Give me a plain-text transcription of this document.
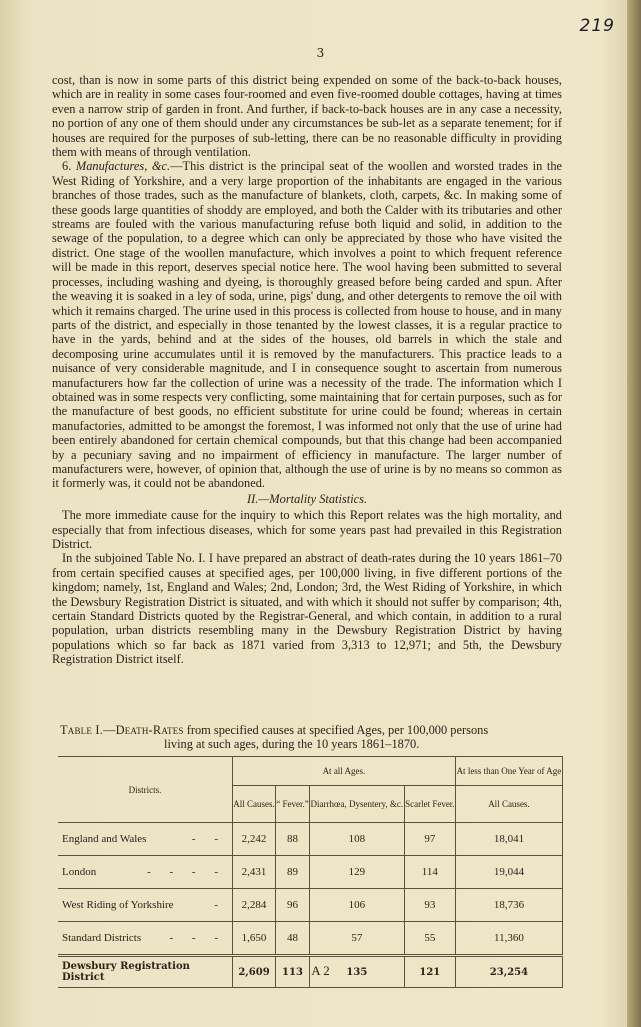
219
3

cost, than is now in some parts of this district being expended on some of the back-to-back houses, which are in reality in some cases four-roomed and even five-roomed double cottages, having at times even a narrow strip of garden in front. And further, if back-to-back houses are in any case a necessity, no portion of any one of them should under any circumstances be sub-let as a separate tenement; for if houses are required for the purposes of sub-letting, there can be no reasonable difficulty in providing them with means of through ventilation.

6. Manufactures, &c.—This district is the principal seat of the woollen and worsted trades in the West Riding of Yorkshire, and a very large proportion of the inhabitants are engaged in the various branches of those trades, such as the manufacture of blankets, cloth, carpets, &c. In making some of these goods large quantities of shoddy are employed, and both the Calder with its tributaries and other streams are fouled with the various manufacturing refuse both liquid and solid, in addition to the sewage of the population, to a degree which can only be appreciated by those who have visited the district. One stage of the woollen manufacture, which involves a point to which frequent reference will be made in this report, deserves special notice here. The wool having been submitted to several processes, including washing and dyeing, is thoroughly greased before being carded and spun. After the weaving it is soaked in a ley of soda, urine, pigs' dung, and other detergents to remove the oil with which it remains charged. The urine used in this process is collected from house to house, and in many parts of the district, and especially in those tenanted by the lowest classes, it is a regular practice to have in the yards, behind and at the sides of the houses, old barrels in which the stale and decomposing urine accumulates until it is removed by the manufacturers. This practice leads to a nuisance of very considerable magnitude, and I in consequence sought to ascertain from numerous manufacturers how far the collection of urine was a necessity of the trade. The information which I obtained was in some respects very conflicting, some maintaining that for certain purposes, such as for the manufacture of best goods, no efficient substitute for urine could be found; whereas in certain manufactories, admitted to be amongst the foremost, I was informed not only that the use of urine had been entirely abandoned for certain chemical compounds, but that this change had been accompanied by a pecuniary saving and no impairment of efficiency in manufacture. The larger number of manufacturers were, however, of opinion that, although the use of urine is by no means so common as it formerly was, it could not be abandoned.

II.—Mortality Statistics.

The more immediate cause for the inquiry to which this Report relates was the high mortality, and especially that from infectious diseases, which for some years past had prevailed in this Registration District.

In the subjoined Table No. I. I have prepared an abstract of death-rates during the 10 years 1861–70 from certain specified causes at specified ages, per 100,000 living, in five different portions of the kingdom; namely, 1st, England and Wales; 2nd, London; 3rd, the West Riding of Yorkshire, in which the Dewsbury Registration District is situated, and with which it should not suffer by comparison; 4th, certain Standard Districts quoted by the Registrar-General, and which contain, in addition to a rural population, urban districts resembling many in the Dewsbury Registration District by having populations which so far back as 1871 varied from 3,313 to 12,971; and 5th, the Dewsbury Registration District itself.

Table I.—Death-Rates from specified causes at specified Ages, per 100,000 persons
living at such ages, during the 10 years 1861–1870.
Districts.	At all Ages.				At less than One Year of Age
	All Causes.	“ Fever.”	Diarrhœa, Dysentery, &c.	Scarlet Fever.	All Causes.
England and Wales - -	2,242	88	108	97	18,041
London - - - -	2,431	89	129	114	19,044
West Riding of Yorkshire -	2,284	96	106	93	18,736
Standard Districts - - -	1,650	48	57	55	11,360
Dewsbury Registration District	2,609	113	135	121	23,254
A 2
